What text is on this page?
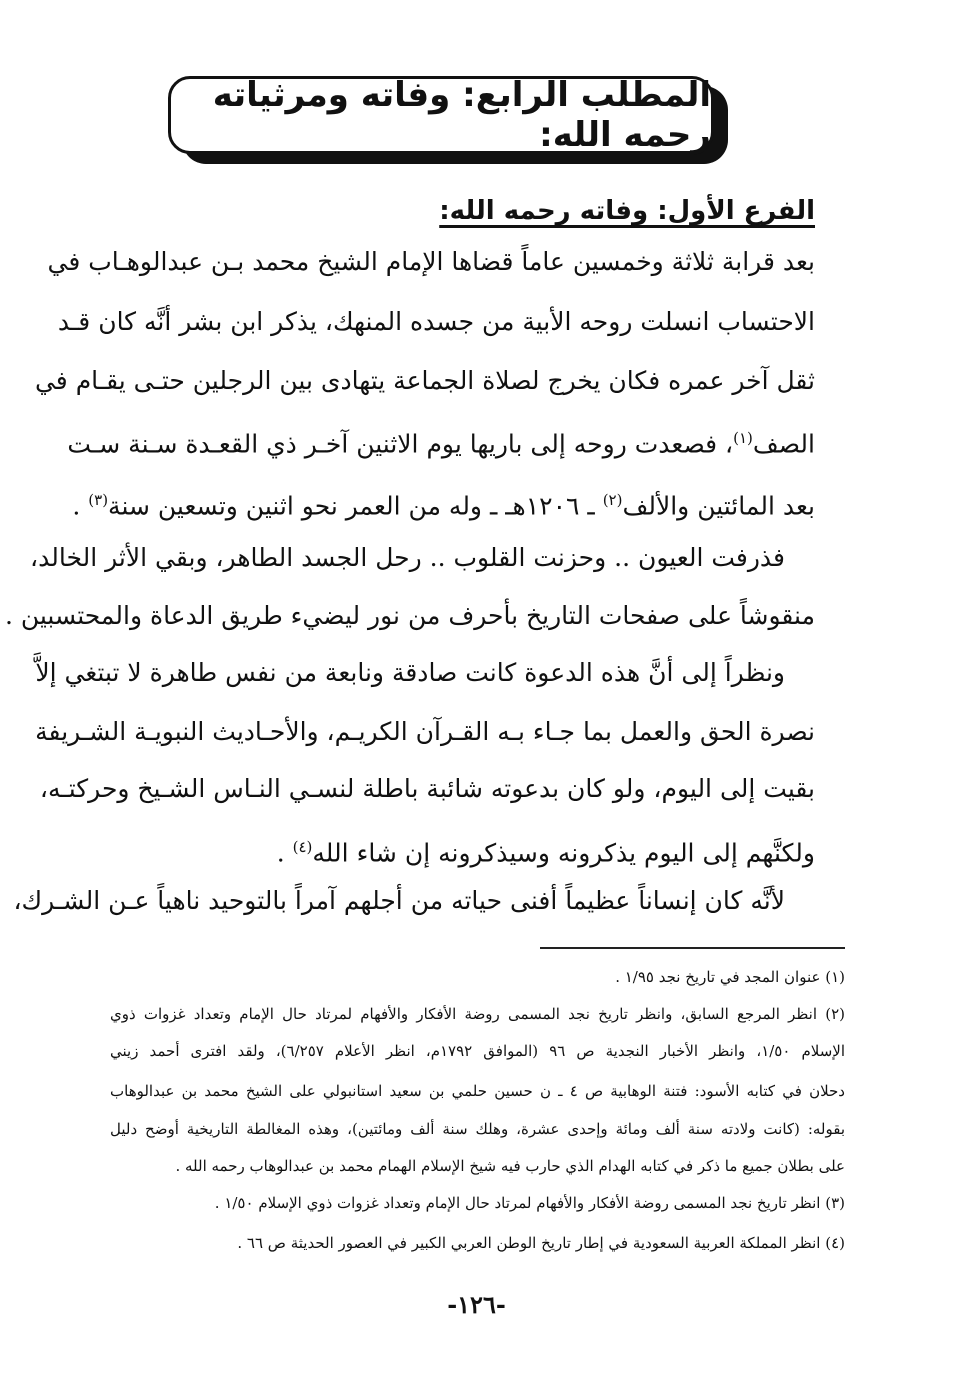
المطلب الرابع: وفاته ومرثياته رحمه الله:
الفرع الأول: وفاته رحمه الله:
بعد قرابة ثلاثة وخمسين عاماً قضاها الإمام الشيخ محمد بـن عبدالوهـاب في
الاحتساب انسلت روحه الأبية من جسده المنهك، يذكر ابن بشر أنَّه كان قـد
ثقل آخر عمره فكان يخرج لصلاة الجماعة يتهادى بين الرجلين حتـى يقـام في
الصف$^{(١)}$، فصعدت روحه إلى باريها يوم الاثنين آخـر ذي القعـدة سـنة سـت
بعد المائتين والألف$^{(٢)}$ ـ ١٢٠٦هـ ـ وله من العمر نحو اثنين وتسعين سنة$^{(٣)}$ .
فذرفت العيون .. وحزنت القلوب .. رحل الجسد الطاهر، وبقي الأثر الخالد،
منقوشاً على صفحات التاريخ بأحرف من نور ليضيء طريق الدعاة والمحتسبين .
ونظراً إلى أنَّ هذه الدعوة كانت صادقة ونابعة من نفس طاهرة لا تبتغي إلاَّ
نصرة الحق والعمل بما جـاء بـه القـرآن الكريـم، والأحـاديث النبويـة الشـريفة
بقيت إلى اليوم، ولو كان بدعوته شائبة باطلة لنسـي النـاس الشـيخ وحركتـه،
ولكنَّهم إلى اليوم يذكرونه وسيذكرونه إن شاء الله$^{(٤)}$ .
لأنَّه كان إنساناً عظيماً أفنى حياته من أجلهم آمراً بالتوحيد ناهياً عـن الشـرك،
(١) عنوان المجد في تاريخ نجد ١/٩٥ .
(٢) انظر المرجع السابق، وانظر تاريخ نجد المسمى روضة الأفكار والأفهام لمرتاد حال الإمام وتعداد غزوات ذوي
الإسلام ١/٥٠، وانظر الأخبار النجدية ص ٩٦ (الموافق ١٧٩٢م، انظر الأعلام ٦/٢٥٧)، ولقد افترى أحمد زيني
دحلان في كتابه الأسود: فتنة الوهابية ص ٤ ـ ن حسين حلمي بن سعيد استانبولي على الشيخ محمد بن عبدالوهاب
بقوله: (كانت ولادته سنة ألف ومائة وإحدى عشرة، وهلك سنة ألف ومائتين)، وهذه المغالطة التاريخية أوضح دليل
على بطلان جميع ما ذكر في كتابه الهدام الذي حارب فيه شيخ الإسلام الهمام محمد بن عبدالوهاب رحمه الله .
(٣) انظر تاريخ نجد المسمى روضة الأفكار والأفهام لمرتاد حال الإمام وتعداد غزوات ذوي الإسلام ١/٥٠ .
(٤) انظر المملكة العربية السعودية في إطار تاريخ الوطن العربي الكبير في العصور الحديثة ص ٦٦ .
-١٢٦-
